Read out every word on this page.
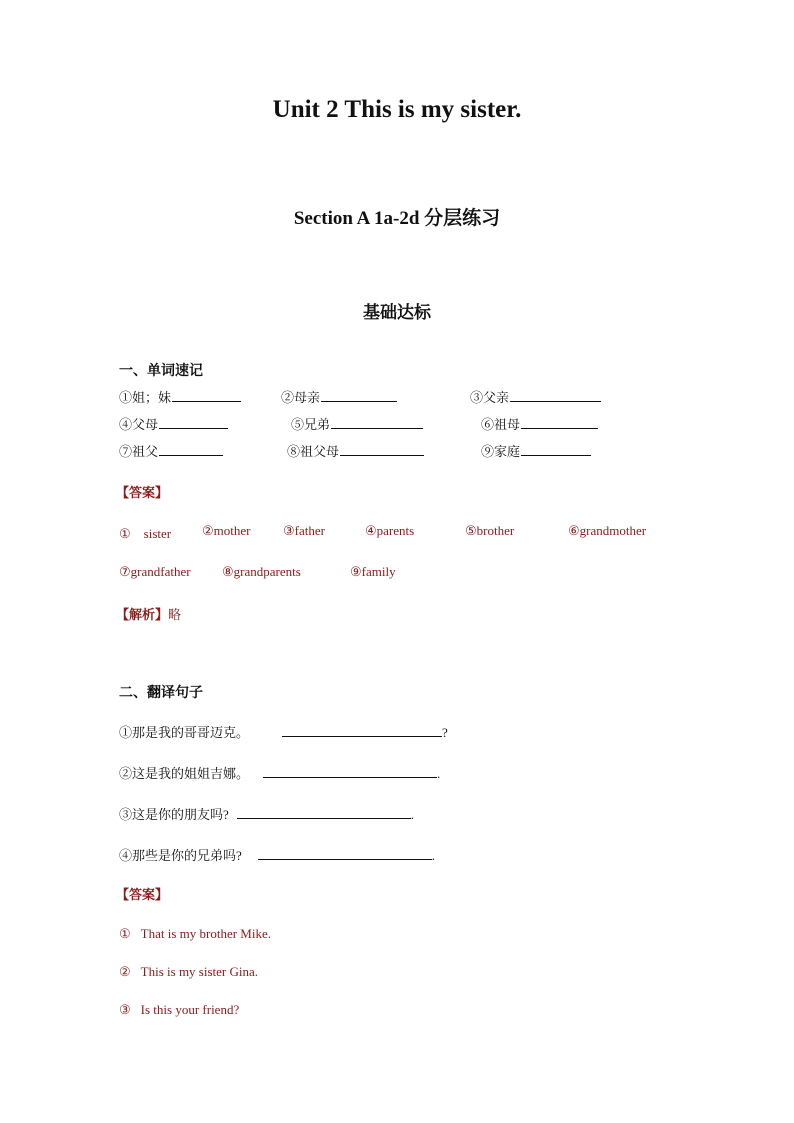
Unit 2 This is my sister.
Section A 1a-2d 分层练习
基础达标
一、单词速记
①姐；妹	②母亲	③父亲
④父母	⑤兄弟	⑥祖母
⑦祖父	⑧祖父母	⑨家庭
【答案】
①　sister ②mother	③father	④parents	⑤brother	⑥grandmother
⑦grandfather ⑧grandparents	⑨family
【解析】略
二、翻译句子
①那是我的哥哥迈克。	?
②这是我的姐姐吉娜。	.
③这是你的朋友吗?	.
④那些是你的兄弟吗?	.
【答案】
① That is my brother Mike.
② This is my sister Gina.
③ Is this your friend?
